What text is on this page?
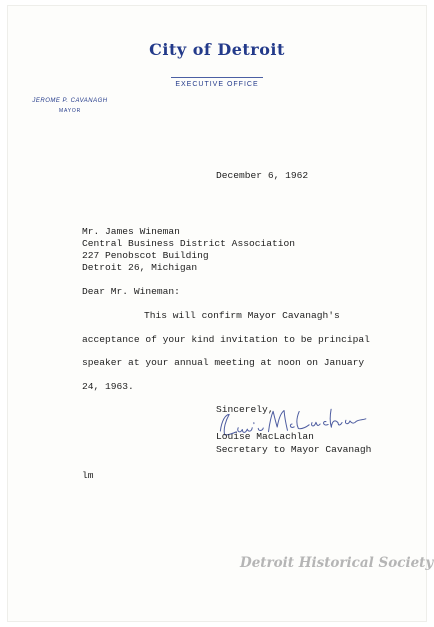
City of Detroit
EXECUTIVE OFFICE
JEROME P. CAVANAGH
MAYOR
December 6, 1962
Mr. James Wineman
Central Business District Association
227 Penobscot Building
Detroit 26, Michigan
Dear Mr. Wineman:
This will confirm Mayor Cavanagh's
acceptance of your kind invitation to be principal
speaker at your annual meeting at noon on January
24, 1963.
Sincerely,
Louise MacLachlan
Secretary to Mayor Cavanagh
lm
Detroit Historical Society
